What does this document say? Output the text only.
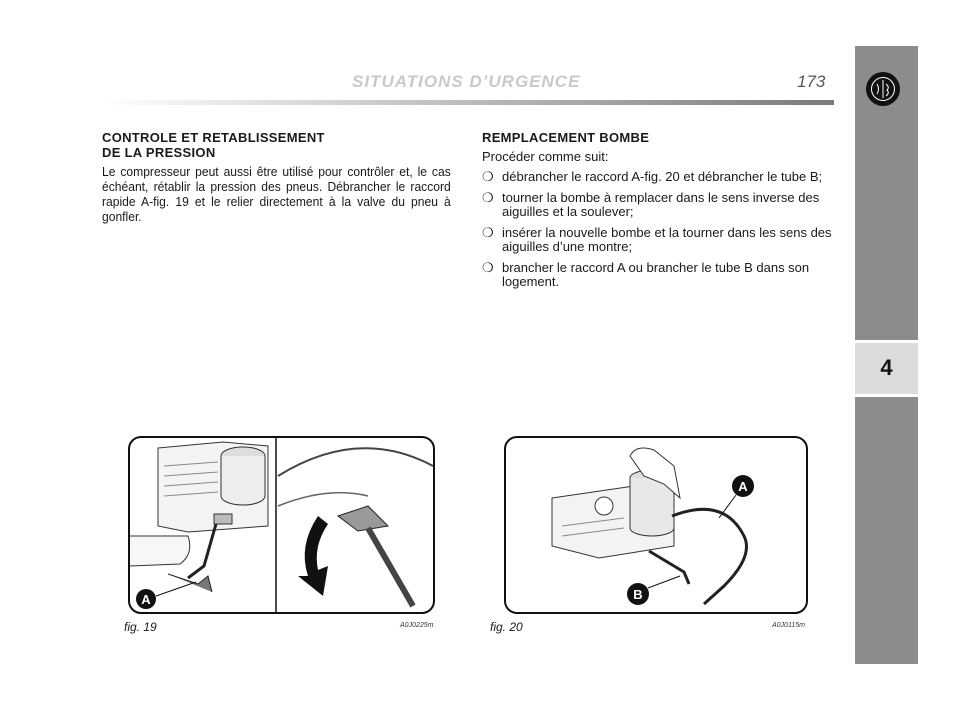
SITUATIONS D’URGENCE	173
4
CONTROLE ET RETABLISSEMENT
DE LA PRESSION

Le compresseur peut aussi être utilisé pour contrôler et, le cas échéant, rétablir la pression des pneus. Débrancher le raccord rapide A-fig. 19 et le relier directement à la valve du pneu à gonfler.

REMPLACEMENT BOMBE
Procéder comme suit:
❍ débrancher le raccord A-fig. 20 et débrancher le tube B;
❍ tourner la bombe à remplacer dans le sens inverse des aiguilles et la soulever;
❍ insérer la nouvelle bombe et la tourner dans les sens des aiguilles d’une montre;
❍ brancher le raccord A ou brancher le tube B dans son logement.
A
fig. 19	A0J0225m
A
B
fig. 20	A0J0115m
